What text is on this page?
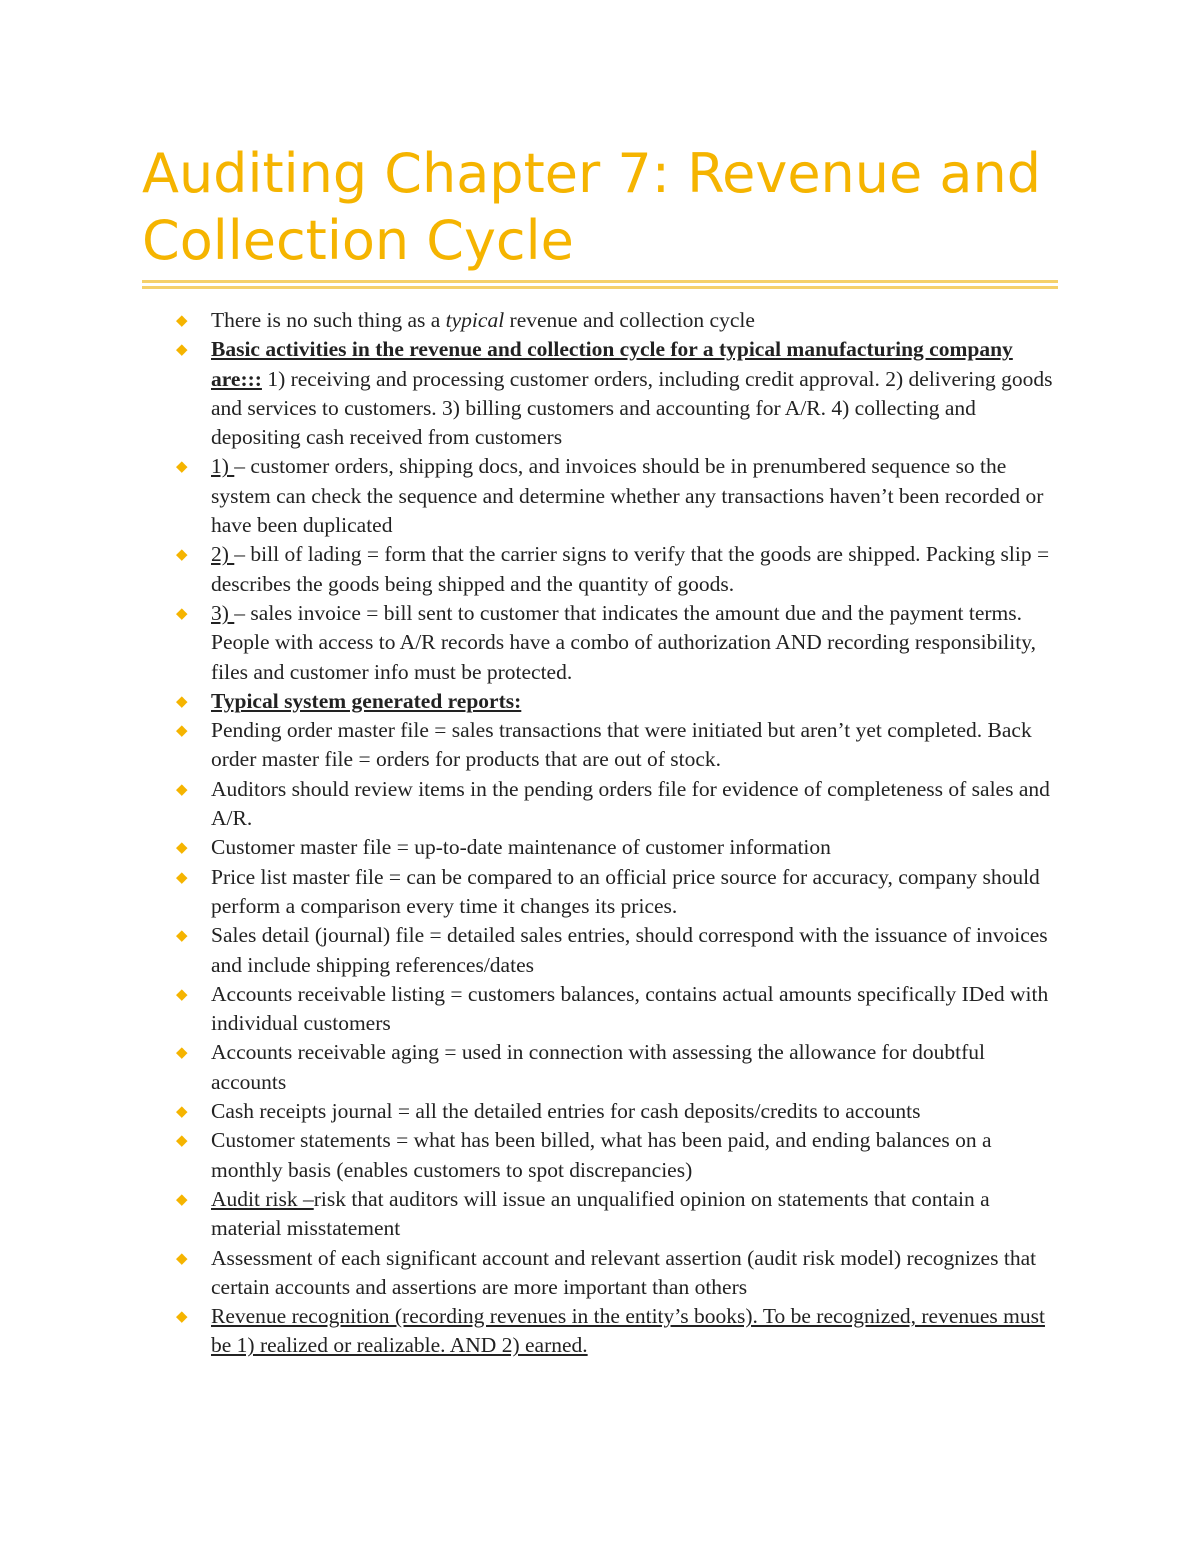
Auditing Chapter 7: Revenue and Collection Cycle
◆ There is no such thing as a typical revenue and collection cycle
◆ Basic activities in the revenue and collection cycle for a typical manufacturing company are::: 1) receiving and processing customer orders, including credit approval. 2) delivering goods and services to customers. 3) billing customers and accounting for A/R. 4) collecting and depositing cash received from customers
◆ 1) – customer orders, shipping docs, and invoices should be in prenumbered sequence so the system can check the sequence and determine whether any transactions haven’t been recorded or have been duplicated
◆ 2) – bill of lading = form that the carrier signs to verify that the goods are shipped. Packing slip = describes the goods being shipped and the quantity of goods.
◆ 3) – sales invoice = bill sent to customer that indicates the amount due and the payment terms. People with access to A/R records have a combo of authorization AND recording responsibility, files and customer info must be protected.
◆ Typical system generated reports:
◆ Pending order master file = sales transactions that were initiated but aren’t yet completed. Back order master file = orders for products that are out of stock.
◆ Auditors should review items in the pending orders file for evidence of completeness of sales and A/R.
◆ Customer master file = up-to-date maintenance of customer information
◆ Price list master file = can be compared to an official price source for accuracy, company should perform a comparison every time it changes its prices.
◆ Sales detail (journal) file = detailed sales entries, should correspond with the issuance of invoices and include shipping references/dates
◆ Accounts receivable listing = customers balances, contains actual amounts specifically IDed with individual customers
◆ Accounts receivable aging = used in connection with assessing the allowance for doubtful accounts
◆ Cash receipts journal = all the detailed entries for cash deposits/credits to accounts
◆ Customer statements = what has been billed, what has been paid, and ending balances on a monthly basis (enables customers to spot discrepancies)
◆ Audit risk –risk that auditors will issue an unqualified opinion on statements that contain a material misstatement
◆ Assessment of each significant account and relevant assertion (audit risk model) recognizes that certain accounts and assertions are more important than others
◆ Revenue recognition (recording revenues in the entity’s books). To be recognized, revenues must be 1) realized or realizable. AND 2) earned.
